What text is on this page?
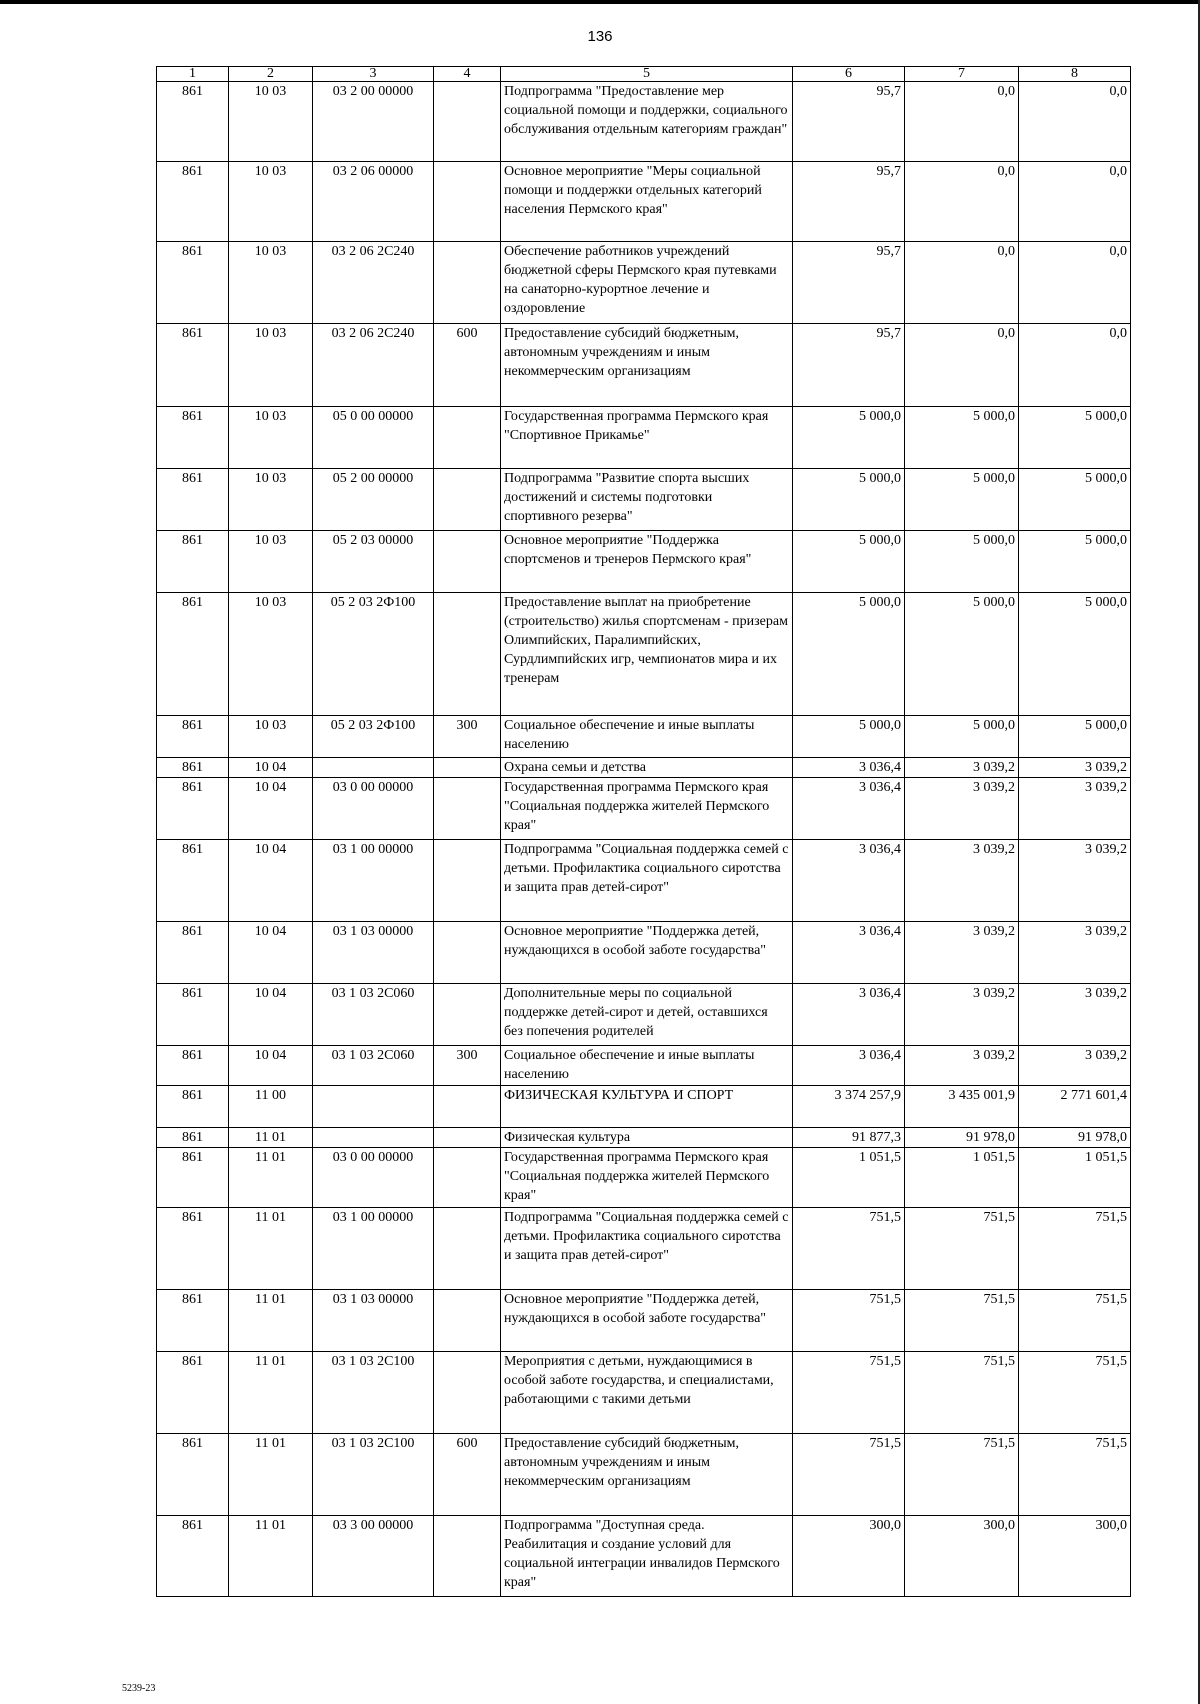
136
1	2	3	4	5	6	7	8
861	10 03	03 2 00 00000		Подпрограмма "Предоставление мер социальной помощи и поддержки, социального обслуживания отдельным категориям граждан"	95,7	0,0	0,0
861	10 03	03 2 06 00000		Основное мероприятие "Меры социальной помощи и поддержки отдельных категорий населения Пермского края"	95,7	0,0	0,0
861	10 03	03 2 06 2С240		Обеспечение работников учреждений бюджетной сферы Пермского края путевками на санаторно-курортное лечение и оздоровление	95,7	0,0	0,0
861	10 03	03 2 06 2С240	600	Предоставление субсидий бюджетным, автономным учреждениям и иным некоммерческим организациям	95,7	0,0	0,0
861	10 03	05 0 00 00000		Государственная программа Пермского края "Спортивное Прикамье"	5 000,0	5 000,0	5 000,0
861	10 03	05 2 00 00000		Подпрограмма "Развитие спорта высших достижений и системы подготовки спортивного резерва"	5 000,0	5 000,0	5 000,0
861	10 03	05 2 03 00000		Основное мероприятие "Поддержка спортсменов и тренеров Пермского края"	5 000,0	5 000,0	5 000,0
861	10 03	05 2 03 2Ф100		Предоставление выплат на приобретение (строительство) жилья спортсменам - призерам Олимпийских, Паралимпийских, Сурдлимпийских игр, чемпионатов мира и их тренерам	5 000,0	5 000,0	5 000,0
861	10 03	05 2 03 2Ф100	300	Социальное обеспечение и иные выплаты населению	5 000,0	5 000,0	5 000,0
861	10 04			Охрана семьи и детства	3 036,4	3 039,2	3 039,2
861	10 04	03 0 00 00000		Государственная программа Пермского края "Социальная поддержка жителей Пермского края"	3 036,4	3 039,2	3 039,2
861	10 04	03 1 00 00000		Подпрограмма "Социальная поддержка семей с детьми. Профилактика социального сиротства и защита прав детей-сирот"	3 036,4	3 039,2	3 039,2
861	10 04	03 1 03 00000		Основное мероприятие "Поддержка детей, нуждающихся в особой заботе государства"	3 036,4	3 039,2	3 039,2
861	10 04	03 1 03 2С060		Дополнительные меры по социальной поддержке детей-сирот и детей, оставшихся без попечения родителей	3 036,4	3 039,2	3 039,2
861	10 04	03 1 03 2С060	300	Социальное обеспечение и иные выплаты населению	3 036,4	3 039,2	3 039,2
861	11 00			ФИЗИЧЕСКАЯ КУЛЬТУРА И СПОРТ	3 374 257,9	3 435 001,9	2 771 601,4
861	11 01			Физическая культура	91 877,3	91 978,0	91 978,0
861	11 01	03 0 00 00000		Государственная программа Пермского края "Социальная поддержка жителей Пермского края"	1 051,5	1 051,5	1 051,5
861	11 01	03 1 00 00000		Подпрограмма "Социальная поддержка семей с детьми. Профилактика социального сиротства и защита прав детей-сирот"	751,5	751,5	751,5
861	11 01	03 1 03 00000		Основное мероприятие "Поддержка детей, нуждающихся в особой заботе государства"	751,5	751,5	751,5
861	11 01	03 1 03 2С100		Мероприятия с детьми, нуждающимися в особой заботе государства, и специалистами, работающими с такими детьми	751,5	751,5	751,5
861	11 01	03 1 03 2С100	600	Предоставление субсидий бюджетным, автономным учреждениям и иным некоммерческим организациям	751,5	751,5	751,5
861	11 01	03 3 00 00000		Подпрограмма "Доступная среда. Реабилитация и создание условий для социальной интеграции инвалидов Пермского края"	300,0	300,0	300,0
5239-23
